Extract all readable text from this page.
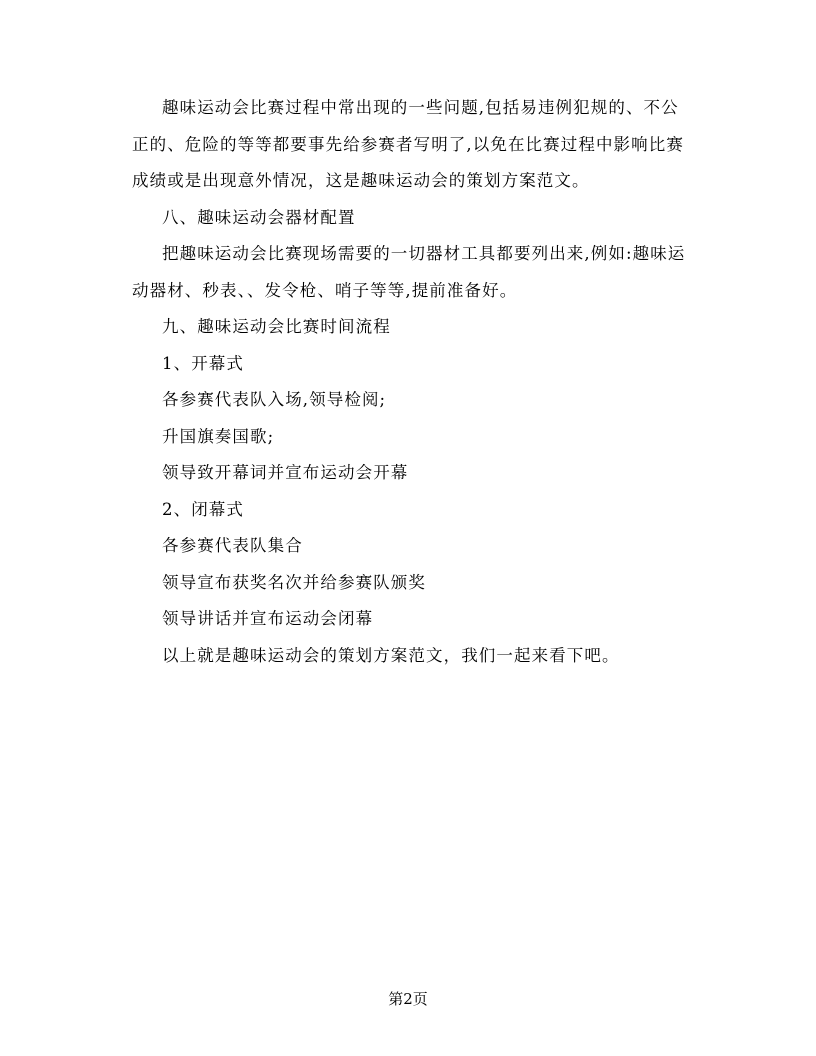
趣味运动会比赛过程中常出现的一些问题,包括易违例犯规的、不公正的、危险的等等都要事先给参赛者写明了,以免在比赛过程中影响比赛成绩或是出现意外情况，这是趣味运动会的策划方案范文。

八、趣味运动会器材配置

把趣味运动会比赛现场需要的一切器材工具都要列出来,例如:趣味运动器材、秒表、、发令枪、哨子等等,提前准备好。

九、趣味运动会比赛时间流程

1、开幕式

各参赛代表队入场,领导检阅;

升国旗奏国歌;

领导致开幕词并宣布运动会开幕

2、闭幕式

各参赛代表队集合

领导宣布获奖名次并给参赛队颁奖

领导讲话并宣布运动会闭幕

以上就是趣味运动会的策划方案范文，我们一起来看下吧。

第2页
